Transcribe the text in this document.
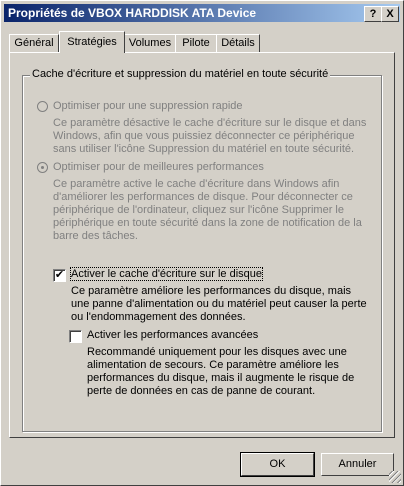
Propriétés de VBOX HARDDISK ATA Device	? X
Général	Stratégies	Volumes	Pilote	Détails
Cache d'écriture et suppression du matériel en toute sécurité
Optimiser pour une suppression rapide
Ce paramètre désactive le cache d'écriture sur le disque et dans Windows, afin que vous puissiez déconnecter ce périphérique sans utiliser l'icône Suppression du matériel en toute sécurité.
Optimiser pour de meilleures performances
Ce paramètre active le cache d'écriture dans Windows afin d'améliorer les performances de disque. Pour déconnecter ce périphérique de l'ordinateur, cliquez sur l'icône Supprimer le périphérique en toute sécurité dans la zone de notification de la barre des tâches.
✔ Activer le cache d'écriture sur le disque
Ce paramètre améliore les performances du disque, mais une panne d'alimentation ou du matériel peut causer la perte ou l'endommagement des données.
Activer les performances avancées
Recommandé uniquement pour les disques avec une alimentation de secours. Ce paramètre améliore les performances du disque, mais il augmente le risque de perte de données en cas de panne de courant.
OK	Annuler
